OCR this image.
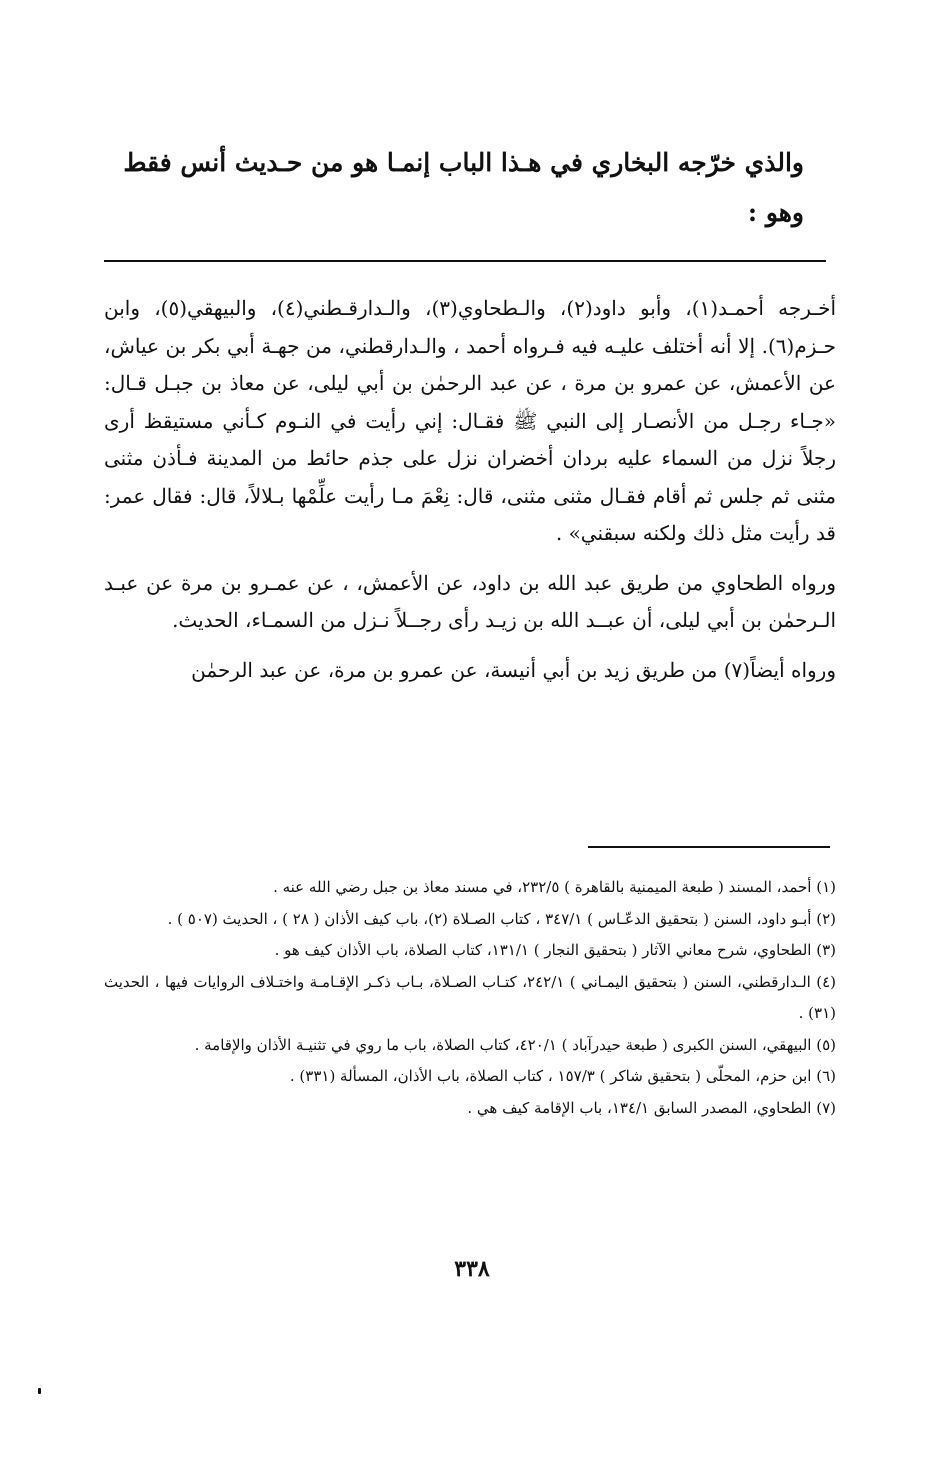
والذي خرّجه البخاري في هـذا الباب إنمـا هو من حـديث أنس فقط
وهو :

أخـرجه أحمـد(١)، وأبو داود(٢)، والـطحاوي(٣)، والـدارقـطني(٤)، والبيهقي(٥)، وابن حـزم(٦). إلا أنه أختلف عليـه فيه فـرواه أحمد ، والـدارقطني، من جهـة أبي بكر بن عياش، عن الأعمش، عن عمرو بن مرة ، عن عبد الرحمٰن بن أبي ليلى، عن معاذ بن جبـل قـال: «جـاء رجـل من الأنصـار إلى النبي ﷺ فقـال: إني رأيت في النـوم كـأني مستيقظ أرى رجلاً نزل من السماء عليه بردان أخضران نزل على جذم حائط من المدينة فـأذن مثنى مثنى ثم جلس ثم أقام فقـال مثنى مثنى، قال: نِعْمَ مـا رأيت علِّمْها بـلالاً، قال: فقال عمر: قد رأيت مثل ذلك ولكنه سبقني» .

ورواه الطحاوي من طريق عبد الله بن داود، عن الأعمش، ، عن عمـرو بن مرة عن عبـد الـرحمٰن بن أبي ليلى، أن عبــد الله بن زيـد رأى رجــلاً نـزل من السمـاء، الحديث.

ورواه أيضاً(٧) من طريق زيد بن أبي أنيسة، عن عمرو بن مرة، عن عبد الرحمٰن

(١) أحمد، المسند ( طبعة الميمنية بالقاهرة ) ٢٣٢/٥، في مسند معاذ بن جبل رضي الله عنه .

(٢) أبـو داود، السنن ( بتحقيق الدعّـاس ) ٣٤٧/١ ، كتاب الصـلاة (٢)، باب كيف الأذان ( ٢٨ ) ، الحديث (٥٠٧ ) .

(٣) الطحاوي، شرح معاني الآثار ( بتحقيق النجار ) ١٣١/١، كتاب الصلاة، باب الأذان كيف هو .

(٤) الـدارقطني، السنن ( بتحقيق اليمـاني ) ٢٤٢/١، كتـاب الصـلاة، بـاب ذكـر الإقـامـة واختـلاف الروايات فيها ، الحديث (٣١) .

(٥) البيهقي، السنن الكبرى ( طبعة حيدرآباد ) ٤٢٠/١، كتاب الصلاة، باب ما روي في تثنيـة الأذان والإقامة .

(٦) ابن حزم، المحلّى ( بتحقيق شاكر ) ١٥٧/٣ ، كتاب الصلاة، باب الأذان، المسألة (٣٣١) .

(٧) الطحاوي، المصدر السابق ١٣٤/١، باب الإقامة كيف هي .

٣٣٨
